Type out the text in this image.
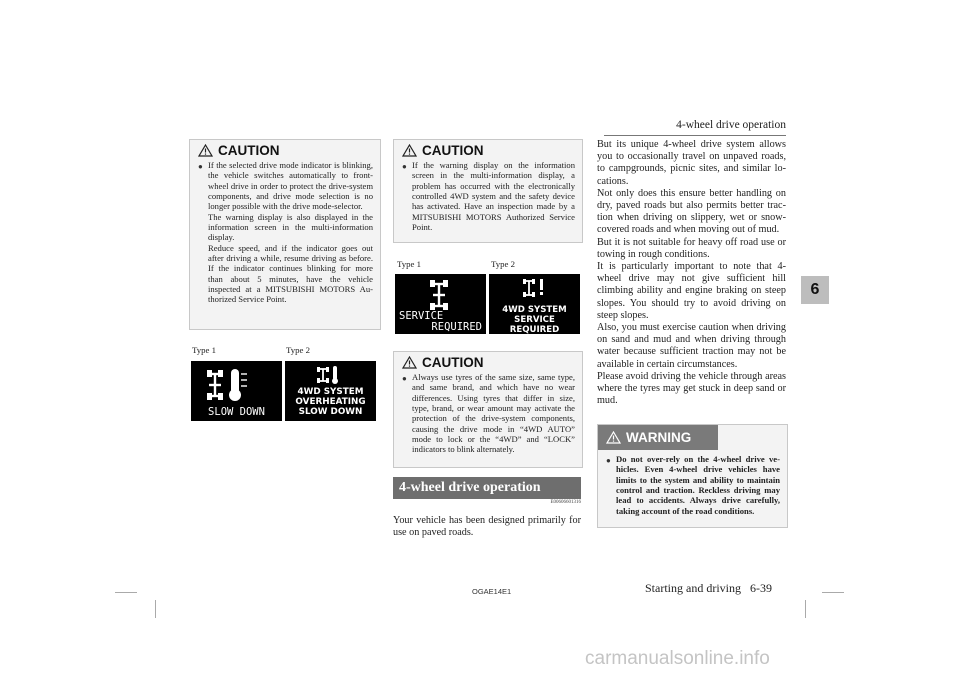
4-wheel drive operation
6
CAUTION
● If the selected drive mode indicator is blinking, the vehicle switches automatically to front-wheel drive in order to protect the drive-system components, and drive mode selection is no longer possible with the drive mode-selector.

The warning display is also displayed in the information screen in the multi-information display.

Reduce speed, and if the indicator goes out after driving a while, resume driving as before. If the indicator continues blinking for more than about 5 minutes, have the vehicle inspected at a MITSUBISHI MOTORS Authorized Service Point.

Type 1	Type 2
SLOW DOWN
4WD SYSTEM
OVERHEATING
SLOW DOWN
CAUTION
● If the warning display on the information screen in the multi-information display, a problem has occurred with the electronically controlled 4WD system and the safety device has activated. Have an inspection made by a MITSUBISHI MOTORS Authorized Service Point.
Type 1	Type 2
SERVICE
REQUIRED
4WD SYSTEM
SERVICE REQUIRED
CAUTION
● Always use tyres of the same size, same type, and same brand, and which have no wear differences. Using tyres that differ in size, type, brand, or wear amount may activate the protection of the drive-system components, causing the drive mode in “4WD AUTO” mode to lock or the “4WD” and “LOCK” indicators to blink alternately.
4-wheel drive operation
E00606601316
Your vehicle has been designed primarily for use on paved roads.

But its unique 4-wheel drive system allows you to occasionally travel on unpaved roads, to campgrounds, picnic sites, and similar locations.

Not only does this ensure better handling on dry, paved roads but also permits better traction when driving on slippery, wet or snow-covered roads and when moving out of mud.

But it is not suitable for heavy off road use or towing in rough conditions.

It is particularly important to note that 4-wheel drive may not give sufficient hill climbing ability and engine braking on steep slopes. You should try to avoid driving on steep slopes.

Also, you must exercise caution when driving on sand and mud and when driving through water because sufficient traction may not be available in certain circumstances.

Please avoid driving the vehicle through areas where the tyres may get stuck in deep sand or mud.

WARNING
● Do not over-rely on the 4-wheel drive vehicles. Even 4-wheel drive vehicles have limits to the system and ability to maintain control and traction. Reckless driving may lead to accidents. Always drive carefully, taking account of the road conditions.
OGAE14E1	Starting and driving 6-39
carmanualsonline.info
